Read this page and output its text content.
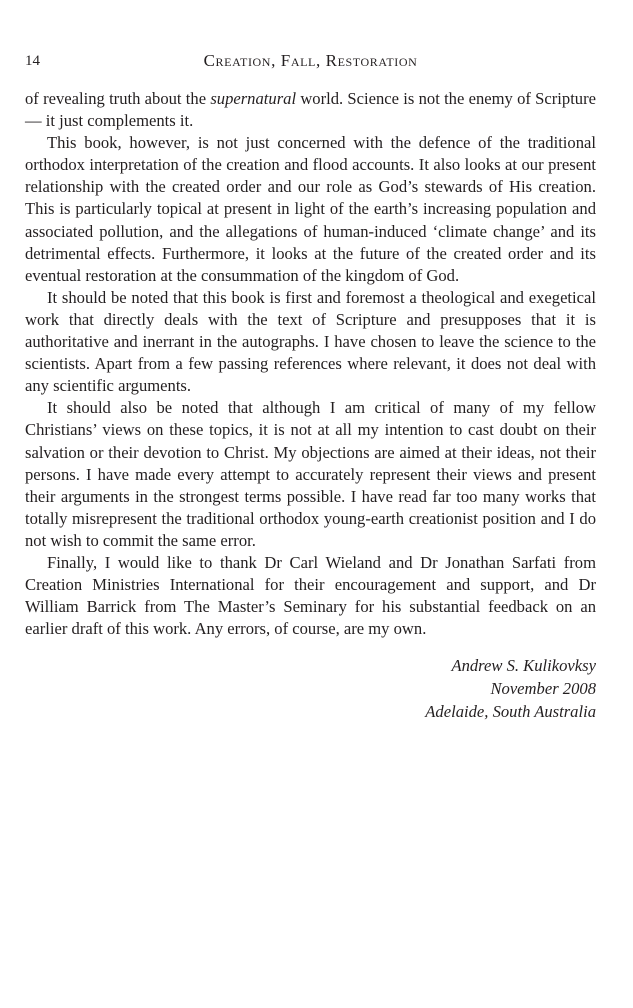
14	Creation, Fall, Restoration

of revealing truth about the supernatural world. Science is not the enemy of Scripture — it just complements it.

This book, however, is not just concerned with the defence of the traditional orthodox interpretation of the creation and flood accounts. It also looks at our present relationship with the created order and our role as God’s stewards of His creation. This is particularly topical at present in light of the earth’s increasing population and associated pollution, and the allegations of human-induced ‘climate change’ and its detrimental effects. Furthermore, it looks at the future of the created order and its eventual restoration at the consummation of the kingdom of God.

It should be noted that this book is first and foremost a theological and exegetical work that directly deals with the text of Scripture and presupposes that it is authoritative and inerrant in the autographs. I have chosen to leave the science to the scientists. Apart from a few passing references where relevant, it does not deal with any scientific arguments.

It should also be noted that although I am critical of many of my fellow Christians’ views on these topics, it is not at all my intention to cast doubt on their salvation or their devotion to Christ. My objections are aimed at their ideas, not their persons. I have made every attempt to accurately represent their views and present their arguments in the strongest terms possible. I have read far too many works that totally misrepresent the traditional orthodox young-earth creationist position and I do not wish to commit the same error.

Finally, I would like to thank Dr Carl Wieland and Dr Jonathan Sarfati from Creation Ministries International for their encouragement and support, and Dr William Barrick from The Master’s Seminary for his substantial feedback on an earlier draft of this work. Any errors, of course, are my own.

Andrew S. Kulikovksy
November 2008
Adelaide, South Australia
